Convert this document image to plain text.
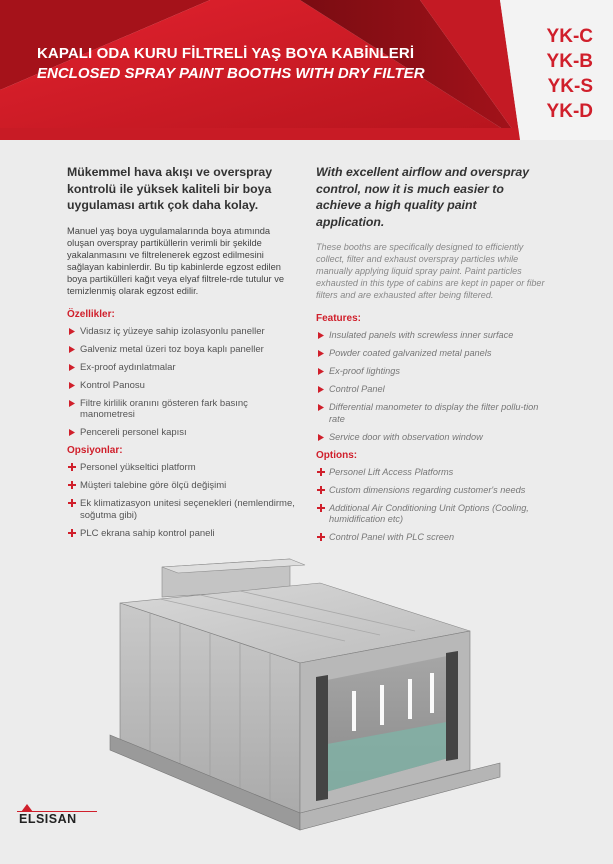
KAPALI ODA KURU FİLTRELİ YAŞ BOYA KABİNLERİ
ENCLOSED SPRAY PAINT BOOTHS WITH DRY FILTER
YK-C
YK-B
YK-S
YK-D
Mükemmel hava akışı ve overspray kontrolü ile yüksek kaliteli bir boya uygulaması artık çok daha kolay.
Manuel yaş boya uygulamalarında boya atımında oluşan overspray partiküllerin verimli bir şekilde yakalanmasını ve filtrelenerek egzost edilmesini sağlayan kabinlerdir. Bu tip kabinlerde egzost edilen boya partikülleri kağıt veya elyaf filtrele-rde tutulur ve temizlenmiş olarak egzost edilir.
Özellikler:
Vidasız iç yüzeye sahip izolasyonlu paneller
Galveniz metal üzeri toz boya kaplı paneller
Ex-proof aydınlatmalar
Kontrol Panosu
Filtre kirlilik oranını gösteren fark basınç manometresi
Pencereli personel kapısı
Opsiyonlar:
Personel yükseltici platform
Müşteri talebine göre ölçü değişimi
Ek klimatizasyon unitesi seçenekleri (nemlendirme, soğutma gibi)
PLC ekrana sahip kontrol paneli
With excellent airflow and overspray control, now it is much easier to achieve a high quality paint application.
These booths are specifically designed to efficiently collect, filter and exhaust overspray particles while manually applying liquid spray paint. Paint particles exhausted in this type of cabins are kept in paper or fiber filters and are exhausted after being filtered.
Features:
Insulated panels with screwless inner surface
Powder coated galvanized metal panels
Ex-proof lightings
Control Panel
Differential manometer to display the filter pollu-tion rate
Service door with observation window
Options:
Personel Lift Access Platforms
Custom dimensions regarding customer's needs
Additional Air Conditioning Unit Options (Cooling, humidification etc)
Control Panel with PLC screen
ELSISAN
